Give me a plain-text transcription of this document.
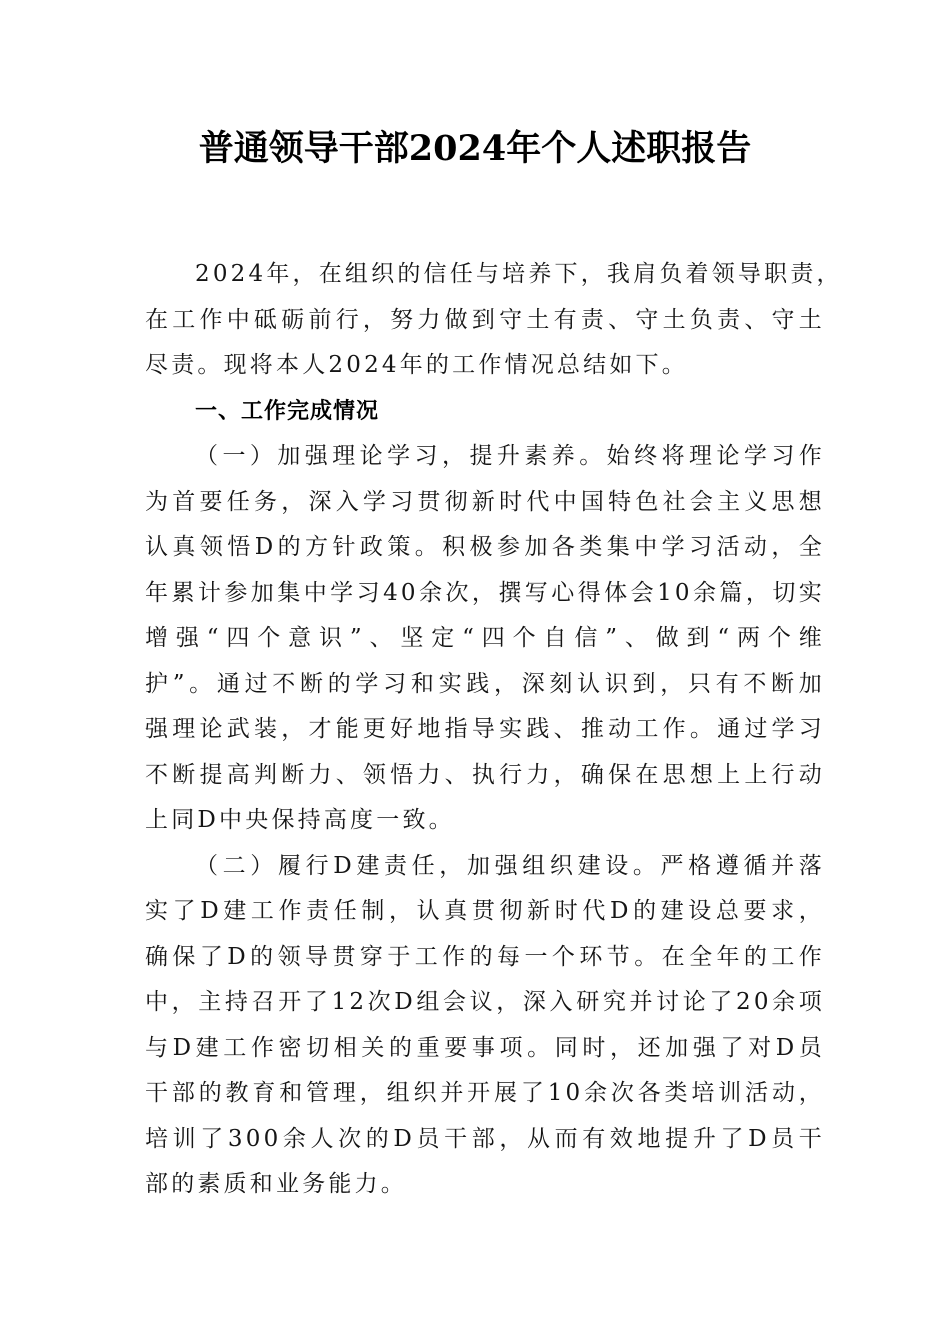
普通领导干部2024年个人述职报告
2024年，在组织的信任与培养下，我肩负着领导职责，
在工作中砥砺前行，努力做到守土有责、守土负责、守土
尽责。现将本人2024年的工作情况总结如下。
一、工作完成情况
（一）加强理论学习，提升素养。始终将理论学习作
为首要任务，深入学习贯彻新时代中国特色社会主义思想
认真领悟D的方针政策。积极参加各类集中学习活动，全
年累计参加集中学习40余次，撰写心得体会10余篇，切实
增强“四个意识”、坚定“四个自信”、做到“两个维
护”。通过不断的学习和实践，深刻认识到，只有不断加
强理论武装，才能更好地指导实践、推动工作。通过学习
不断提高判断力、领悟力、执行力，确保在思想上上行动
上同D中央保持高度一致。
（二）履行D建责任，加强组织建设。严格遵循并落
实了D建工作责任制，认真贯彻新时代D的建设总要求，
确保了D的领导贯穿于工作的每一个环节。在全年的工作
中，主持召开了12次D组会议，深入研究并讨论了20余项
与D建工作密切相关的重要事项。同时，还加强了对D员
干部的教育和管理，组织并开展了10余次各类培训活动，
培训了300余人次的D员干部，从而有效地提升了D员干
部的素质和业务能力。
